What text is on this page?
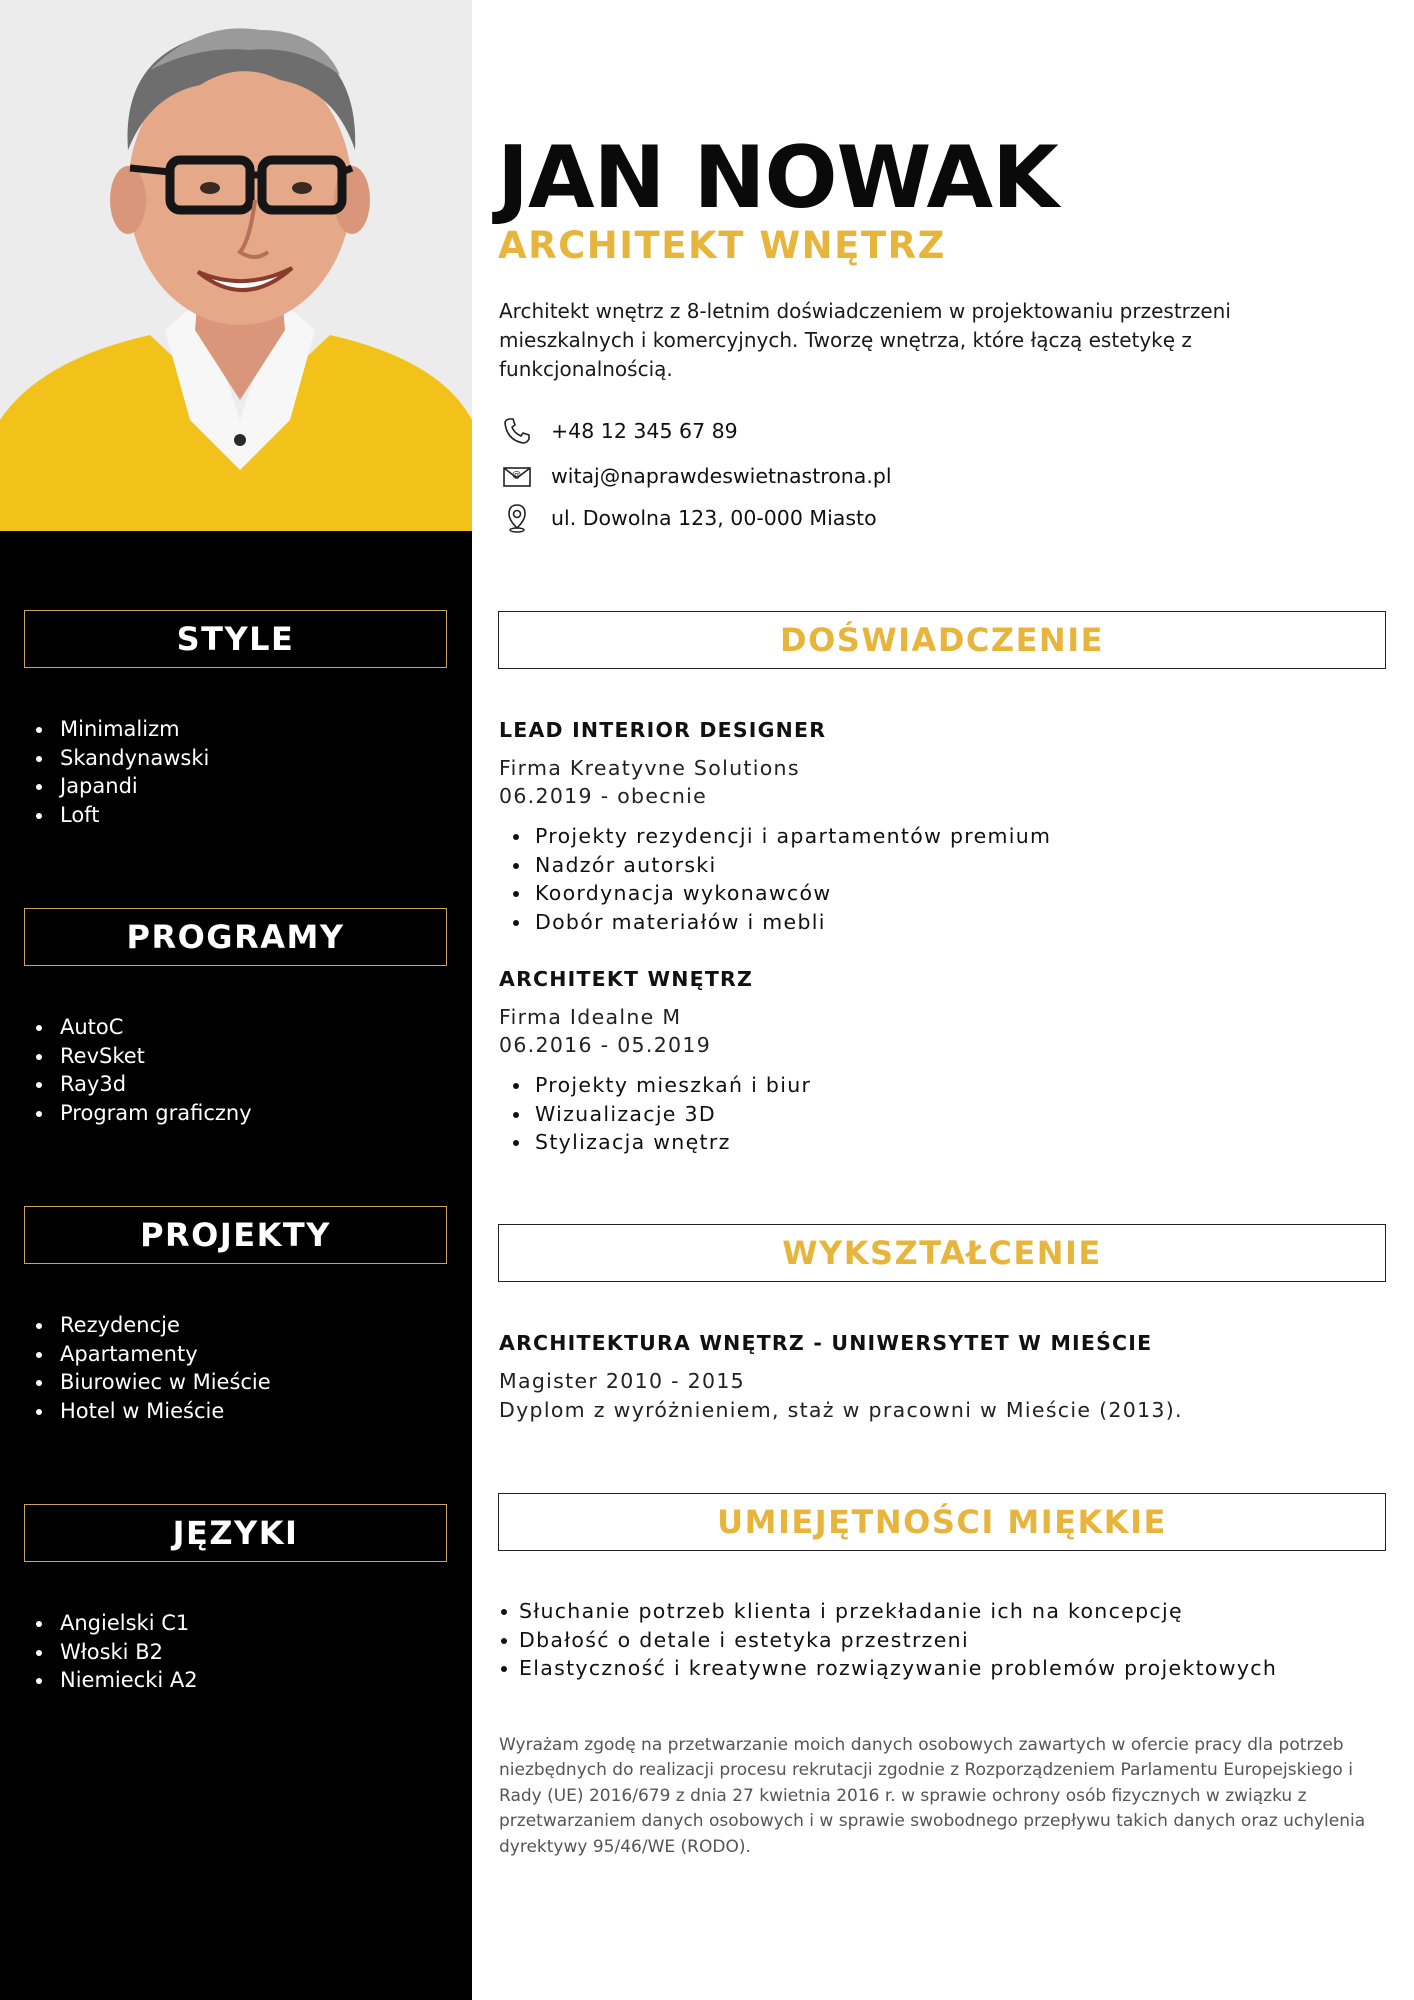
STYLE
Minimalizm
Skandynawski
Japandi
Loft
PROGRAMY
AutoC
RevSket
Ray3d
Program graficzny
PROJEKTY
Rezydencje
Apartamenty
Biurowiec w Mieście
Hotel w Mieście
JĘZYKI
Angielski C1
Włoski B2
Niemiecki A2
JAN NOWAK
ARCHITEKT WNĘTRZ

Architekt wnętrz z 8-letnim doświadczeniem w projektowaniu przestrzeni mieszkalnych i komercyjnych. Tworzę wnętrza, które łączą estetykę z funkcjonalnością.

+48 12 345 67 89
@ witaj@naprawdeswietnastrona.pl
ul. Dowolna 123, 00-000 Miasto
DOŚWIADCZENIE
LEAD INTERIOR DESIGNER
Firma Kreatyvne Solutions
06.2019 - obecnie
Projekty rezydencji i apartamentów premium
Nadzór autorski
Koordynacja wykonawców
Dobór materiałów i mebli
ARCHITEKT WNĘTRZ
Firma Idealne M
06.2016 - 05.2019
Projekty mieszkań i biur
Wizualizacje 3D
Stylizacja wnętrz
WYKSZTAŁCENIE
ARCHITEKTURA WNĘTRZ - UNIWERSYTET W MIEŚCIE
Magister 2010 - 2015
Dyplom z wyróżnieniem, staż w pracowni w Mieście (2013).
UMIEJĘTNOŚCI MIĘKKIE
Słuchanie potrzeb klienta i przekładanie ich na koncepcję
Dbałość o detale i estetyka przestrzeni
Elastyczność i kreatywne rozwiązywanie problemów projektowych

Wyrażam zgodę na przetwarzanie moich danych osobowych zawartych w ofercie pracy dla potrzeb niezbędnych do realizacji procesu rekrutacji zgodnie z Rozporządzeniem Parlamentu Europejskiego i Rady (UE) 2016/679 z dnia 27 kwietnia 2016 r. w sprawie ochrony osób fizycznych w związku z przetwarzaniem danych osobowych i w sprawie swobodnego przepływu takich danych oraz uchylenia dyrektywy 95/46/WE (RODO).
